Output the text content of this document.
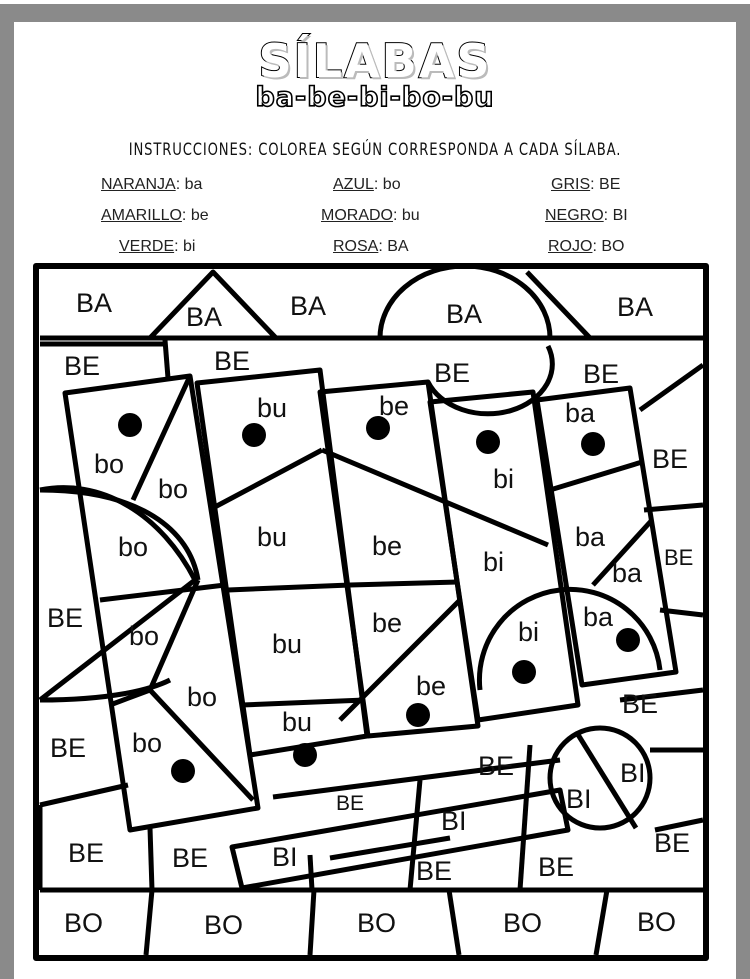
SÍLABAS
ba-be-bi-bo-bu
INSTRUCCIONES: COLOREA SEGÚN CORRESPONDA A CADA SÍLABA.
NARANJA: ba	AZUL: bo	GRIS: BE
AMARILLO: be	MORADO: bu	NEGRO: BI
VERDE: bi	ROSA: BA	ROJO: BO
BA	BA	BA	BA	BA
BE	BE	BE	BE
BE
BE
BE
BE
BE
BE
BE
BE	BE	BE
BE	BE
BI
BI
BI
BI
BO	BO	BO	BO	BO
bo
bo
bo
bo
bo
bo
bu
bu
bu
bu
be
be
be
be
bi
bi
bi
ba
ba
ba
ba
